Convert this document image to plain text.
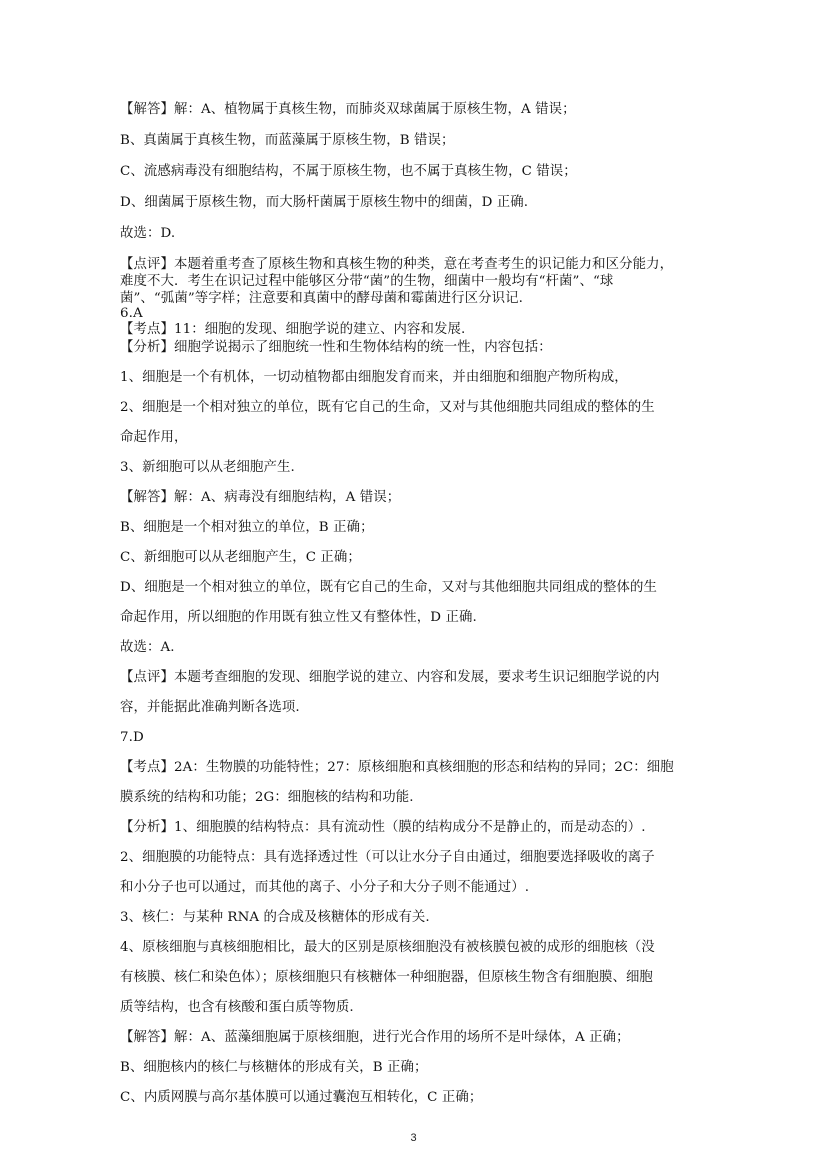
【解答】解：A、植物属于真核生物，而肺炎双球菌属于原核生物，A 错误；
B、真菌属于真核生物，而蓝藻属于原核生物，B 错误；
C、流感病毒没有细胞结构，不属于原核生物，也不属于真核生物，C 错误；
D、细菌属于原核生物，而大肠杆菌属于原核生物中的细菌，D 正确.
故选：D.
【点评】本题着重考查了原核生物和真核生物的种类，意在考查考生的识记能力和区分能力，
难度不大．考生在识记过程中能够区分带“菌”的生物，细菌中一般均有“杆菌”、“球
菌”、“弧菌”等字样；注意要和真菌中的酵母菌和霉菌进行区分识记.
6.A
【考点】11：细胞的发现、细胞学说的建立、内容和发展.
【分析】细胞学说揭示了细胞统一性和生物体结构的统一性，内容包括：
1、细胞是一个有机体，一切动植物都由细胞发育而来，并由细胞和细胞产物所构成，
2、细胞是一个相对独立的单位，既有它自己的生命，又对与其他细胞共同组成的整体的生
命起作用，
3、新细胞可以从老细胞产生.
【解答】解：A、病毒没有细胞结构，A 错误；
B、细胞是一个相对独立的单位，B 正确；
C、新细胞可以从老细胞产生，C 正确；
D、细胞是一个相对独立的单位，既有它自己的生命，又对与其他细胞共同组成的整体的生
命起作用，所以细胞的作用既有独立性又有整体性，D 正确.
故选：A.
【点评】本题考查细胞的发现、细胞学说的建立、内容和发展，要求考生识记细胞学说的内
容，并能据此准确判断各选项.
7.D
【考点】2A：生物膜的功能特性；27：原核细胞和真核细胞的形态和结构的异同；2C：细胞
膜系统的结构和功能；2G：细胞核的结构和功能.
【分析】1、细胞膜的结构特点：具有流动性（膜的结构成分不是静止的，而是动态的）.
2、细胞膜的功能特点：具有选择透过性（可以让水分子自由通过，细胞要选择吸收的离子
和小分子也可以通过，而其他的离子、小分子和大分子则不能通过）.
3、核仁：与某种 RNA 的合成及核糖体的形成有关.
4、原核细胞与真核细胞相比，最大的区别是原核细胞没有被核膜包被的成形的细胞核（没
有核膜、核仁和染色体）；原核细胞只有核糖体一种细胞器，但原核生物含有细胞膜、细胞
质等结构，也含有核酸和蛋白质等物质.
【解答】解：A、蓝藻细胞属于原核细胞，进行光合作用的场所不是叶绿体，A 正确；
B、细胞核内的核仁与核糖体的形成有关，B 正确；
C、内质网膜与高尔基体膜可以通过囊泡互相转化，C 正确；
3
